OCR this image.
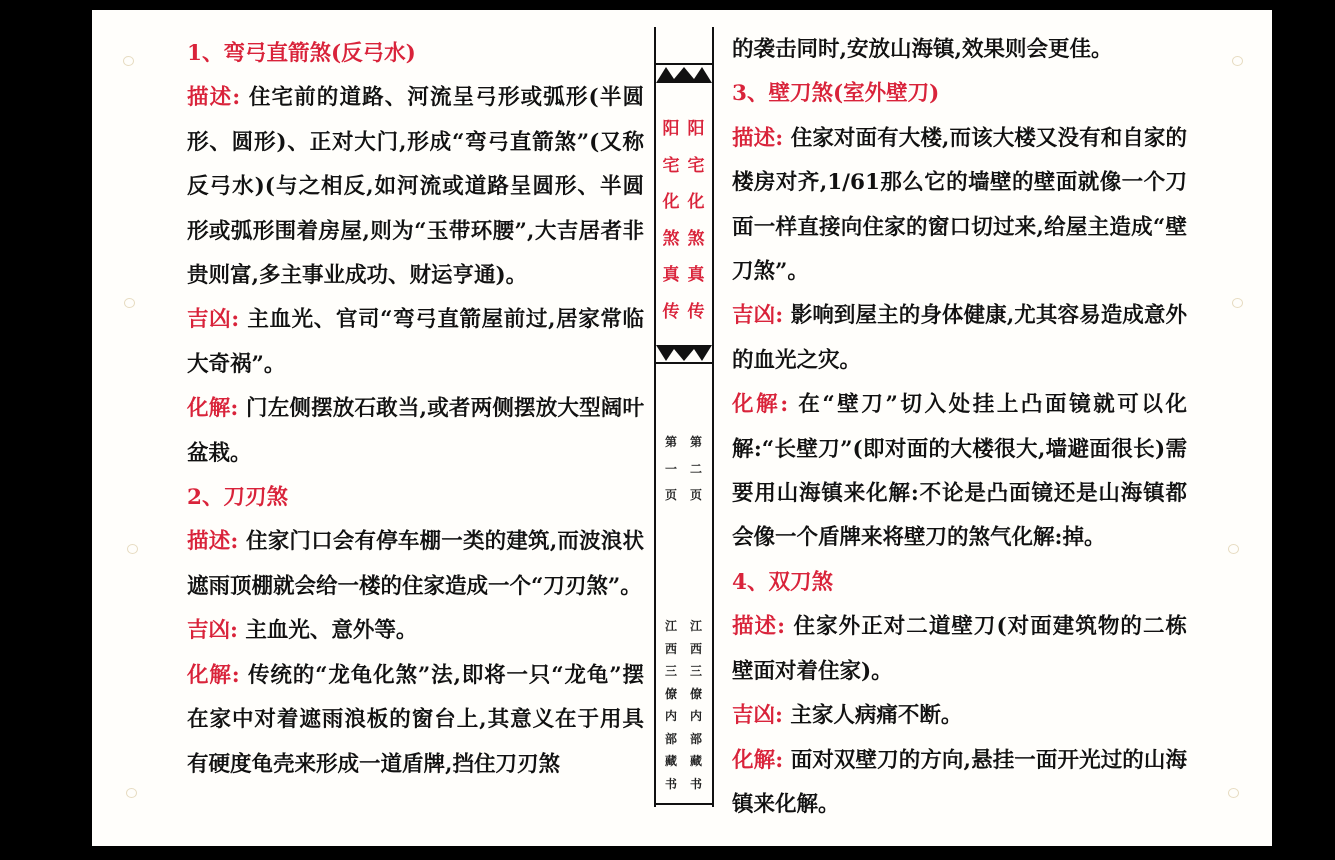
1、弯弓直箭煞(反弓水)

描述: 住宅前的道路、河流呈弓形或弧形(半圆形、圆形)、正对大门,形成“弯弓直箭煞”(又称反弓水)(与之相反,如河流或道路呈圆形、半圆形或弧形围着房屋,则为“玉带环腰”,大吉居者非贵则富,多主事业成功、财运亨通)。

吉凶: 主血光、官司“弯弓直箭屋前过,居家常临大奇祸”。

化解: 门左侧摆放石敢当,或者两侧摆放大型阔叶盆栽。

2、刀刃煞

描述: 住家门口会有停车棚一类的建筑,而波浪状遮雨顶棚就会给一楼的住家造成一个“刀刃煞”。

吉凶: 主血光、意外等。

化解: 传统的“龙龟化煞”法,即将一只“龙龟”摆在家中对着遮雨浪板的窗台上,其意义在于用具有硬度龟壳来形成一道盾牌,挡住刀刃煞

阳
宅
化
煞
真
传
阳
宅
化
煞
真
传
第
一
页
第
二
页
江
西
三
僚
内
部
藏
书
江
西
三
僚
内
部
藏
书

的袭击同时,安放山海镇,效果则会更佳。

3、壁刀煞(室外壁刀)

描述: 住家对面有大楼,而该大楼又没有和自家的楼房对齐,1/61那么它的墙壁的壁面就像一个刀面一样直接向住家的窗口切过来,给屋主造成“壁刀煞”。

吉凶: 影响到屋主的身体健康,尤其容易造成意外的血光之灾。

化解: 在“壁刀”切入处挂上凸面镜就可以化解:“长壁刀”(即对面的大楼很大,墙避面很长)需要用山海镇来化解:不论是凸面镜还是山海镇都会像一个盾牌来将壁刀的煞气化解:掉。

4、双刀煞

描述: 住家外正对二道壁刀(对面建筑物的二栋壁面对着住家)。

吉凶: 主家人病痛不断。

化解: 面对双壁刀的方向,悬挂一面开光过的山海镇来化解。
